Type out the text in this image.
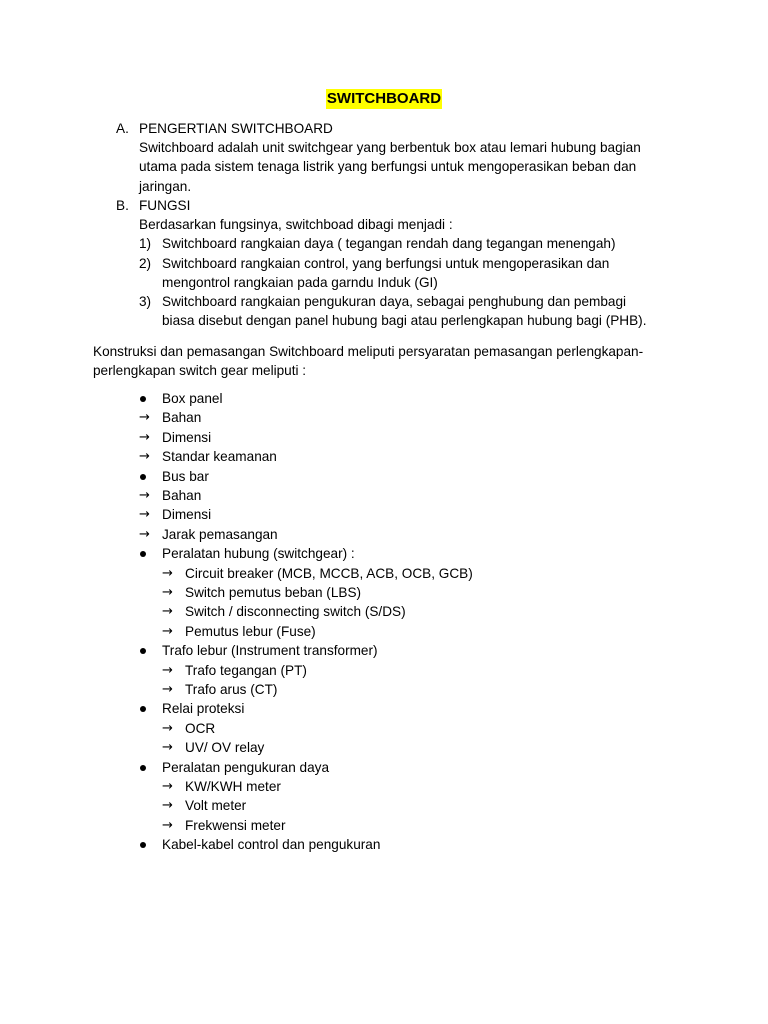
SWITCHBOARD
A. PENGERTIAN SWITCHBOARD
Switchboard adalah unit switchgear yang berbentuk box atau lemari hubung bagian
utama pada sistem tenaga listrik yang berfungsi untuk mengoperasikan beban dan
jaringan.
B. FUNGSI
Berdasarkan fungsinya, switchboad dibagi menjadi :
1) Switchboard rangkaian daya ( tegangan rendah dang tegangan menengah)
2) Switchboard rangkaian control, yang berfungsi untuk mengoperasikan dan
mengontrol rangkaian pada garndu Induk (GI)
3) Switchboard rangkaian pengukuran daya, sebagai penghubung dan pembagi
biasa disebut dengan panel hubung bagi atau perlengkapan hubung bagi (PHB).
Konstruksi dan pemasangan Switchboard meliputi persyaratan pemasangan perlengkapan-
perlengkapan switch gear meliputi :
Box panel
→ Bahan
→ Dimensi
→ Standar keamanan
Bus bar
→ Bahan
→ Dimensi
→ Jarak pemasangan
Peralatan hubung (switchgear) :
→ Circuit breaker (MCB, MCCB, ACB, OCB, GCB)
→ Switch pemutus beban (LBS)
→ Switch / disconnecting switch (S/DS)
→ Pemutus lebur (Fuse)
Trafo lebur (Instrument transformer)
→ Trafo tegangan (PT)
→ Trafo arus (CT)
Relai proteksi
→ OCR
→ UV/ OV relay
Peralatan pengukuran daya
→ KW/KWH meter
→ Volt meter
→ Frekwensi meter
Kabel-kabel control dan pengukuran
